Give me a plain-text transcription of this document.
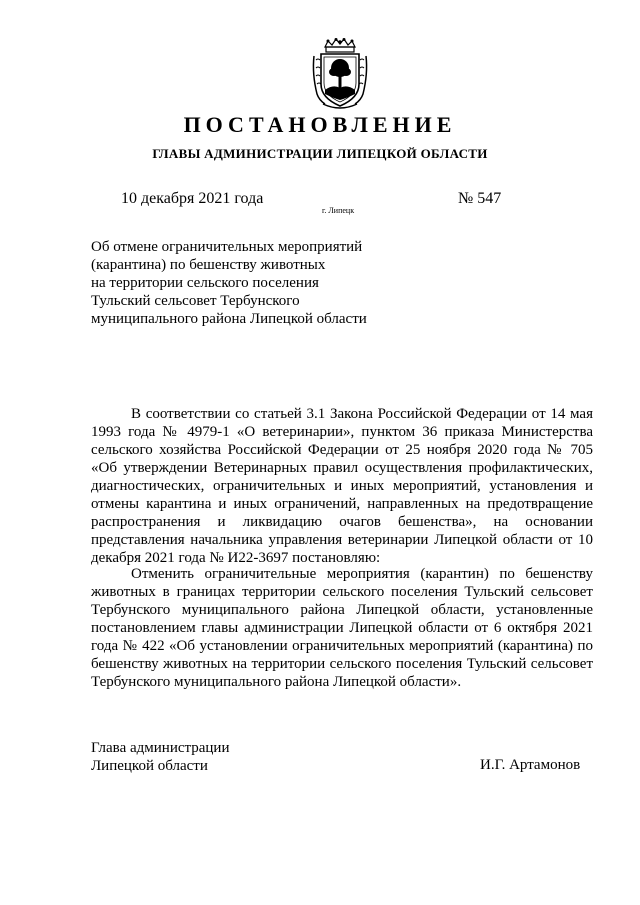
ПОСТАНОВЛЕНИЕ
ГЛАВЫ АДМИНИСТРАЦИИ ЛИПЕЦКОЙ ОБЛАСТИ
10 декабря 2021 года
г. Липецк
№ 547
Об отмене ограничительных мероприятий
(карантина) по бешенству животных
на территории сельского поселения
Тульский сельсовет Тербунского
муниципального района Липецкой области
В соответствии со статьей 3.1 Закона Российской Федерации от 14 мая 1993 года № 4979-1 «О ветеринарии», пунктом 36 приказа Министерства сельского хозяйства Российской Федерации от 25 ноября 2020 года № 705 «Об утверждении Ветеринарных правил осуществления профилактических, диагностических, ограничительных и иных мероприятий, установления и отмены карантина и иных ограничений, направленных на предотвращение распространения и ликвидацию очагов бешенства», на основании представления начальника управления ветеринарии Липецкой области от 10 декабря 2021 года № И22-3697 постановляю:
Отменить ограничительные мероприятия (карантин) по бешенству животных в границах территории сельского поселения Тульский сельсовет Тербунского муниципального района Липецкой области, установленные постановлением главы администрации Липецкой области от 6 октября 2021 года № 422 «Об установлении ограничительных мероприятий (карантина) по бешенству животных на территории сельского поселения Тульский сельсовет Тербунского муниципального района Липецкой области».
Глава администрации
Липецкой области	И.Г. Артамонов
